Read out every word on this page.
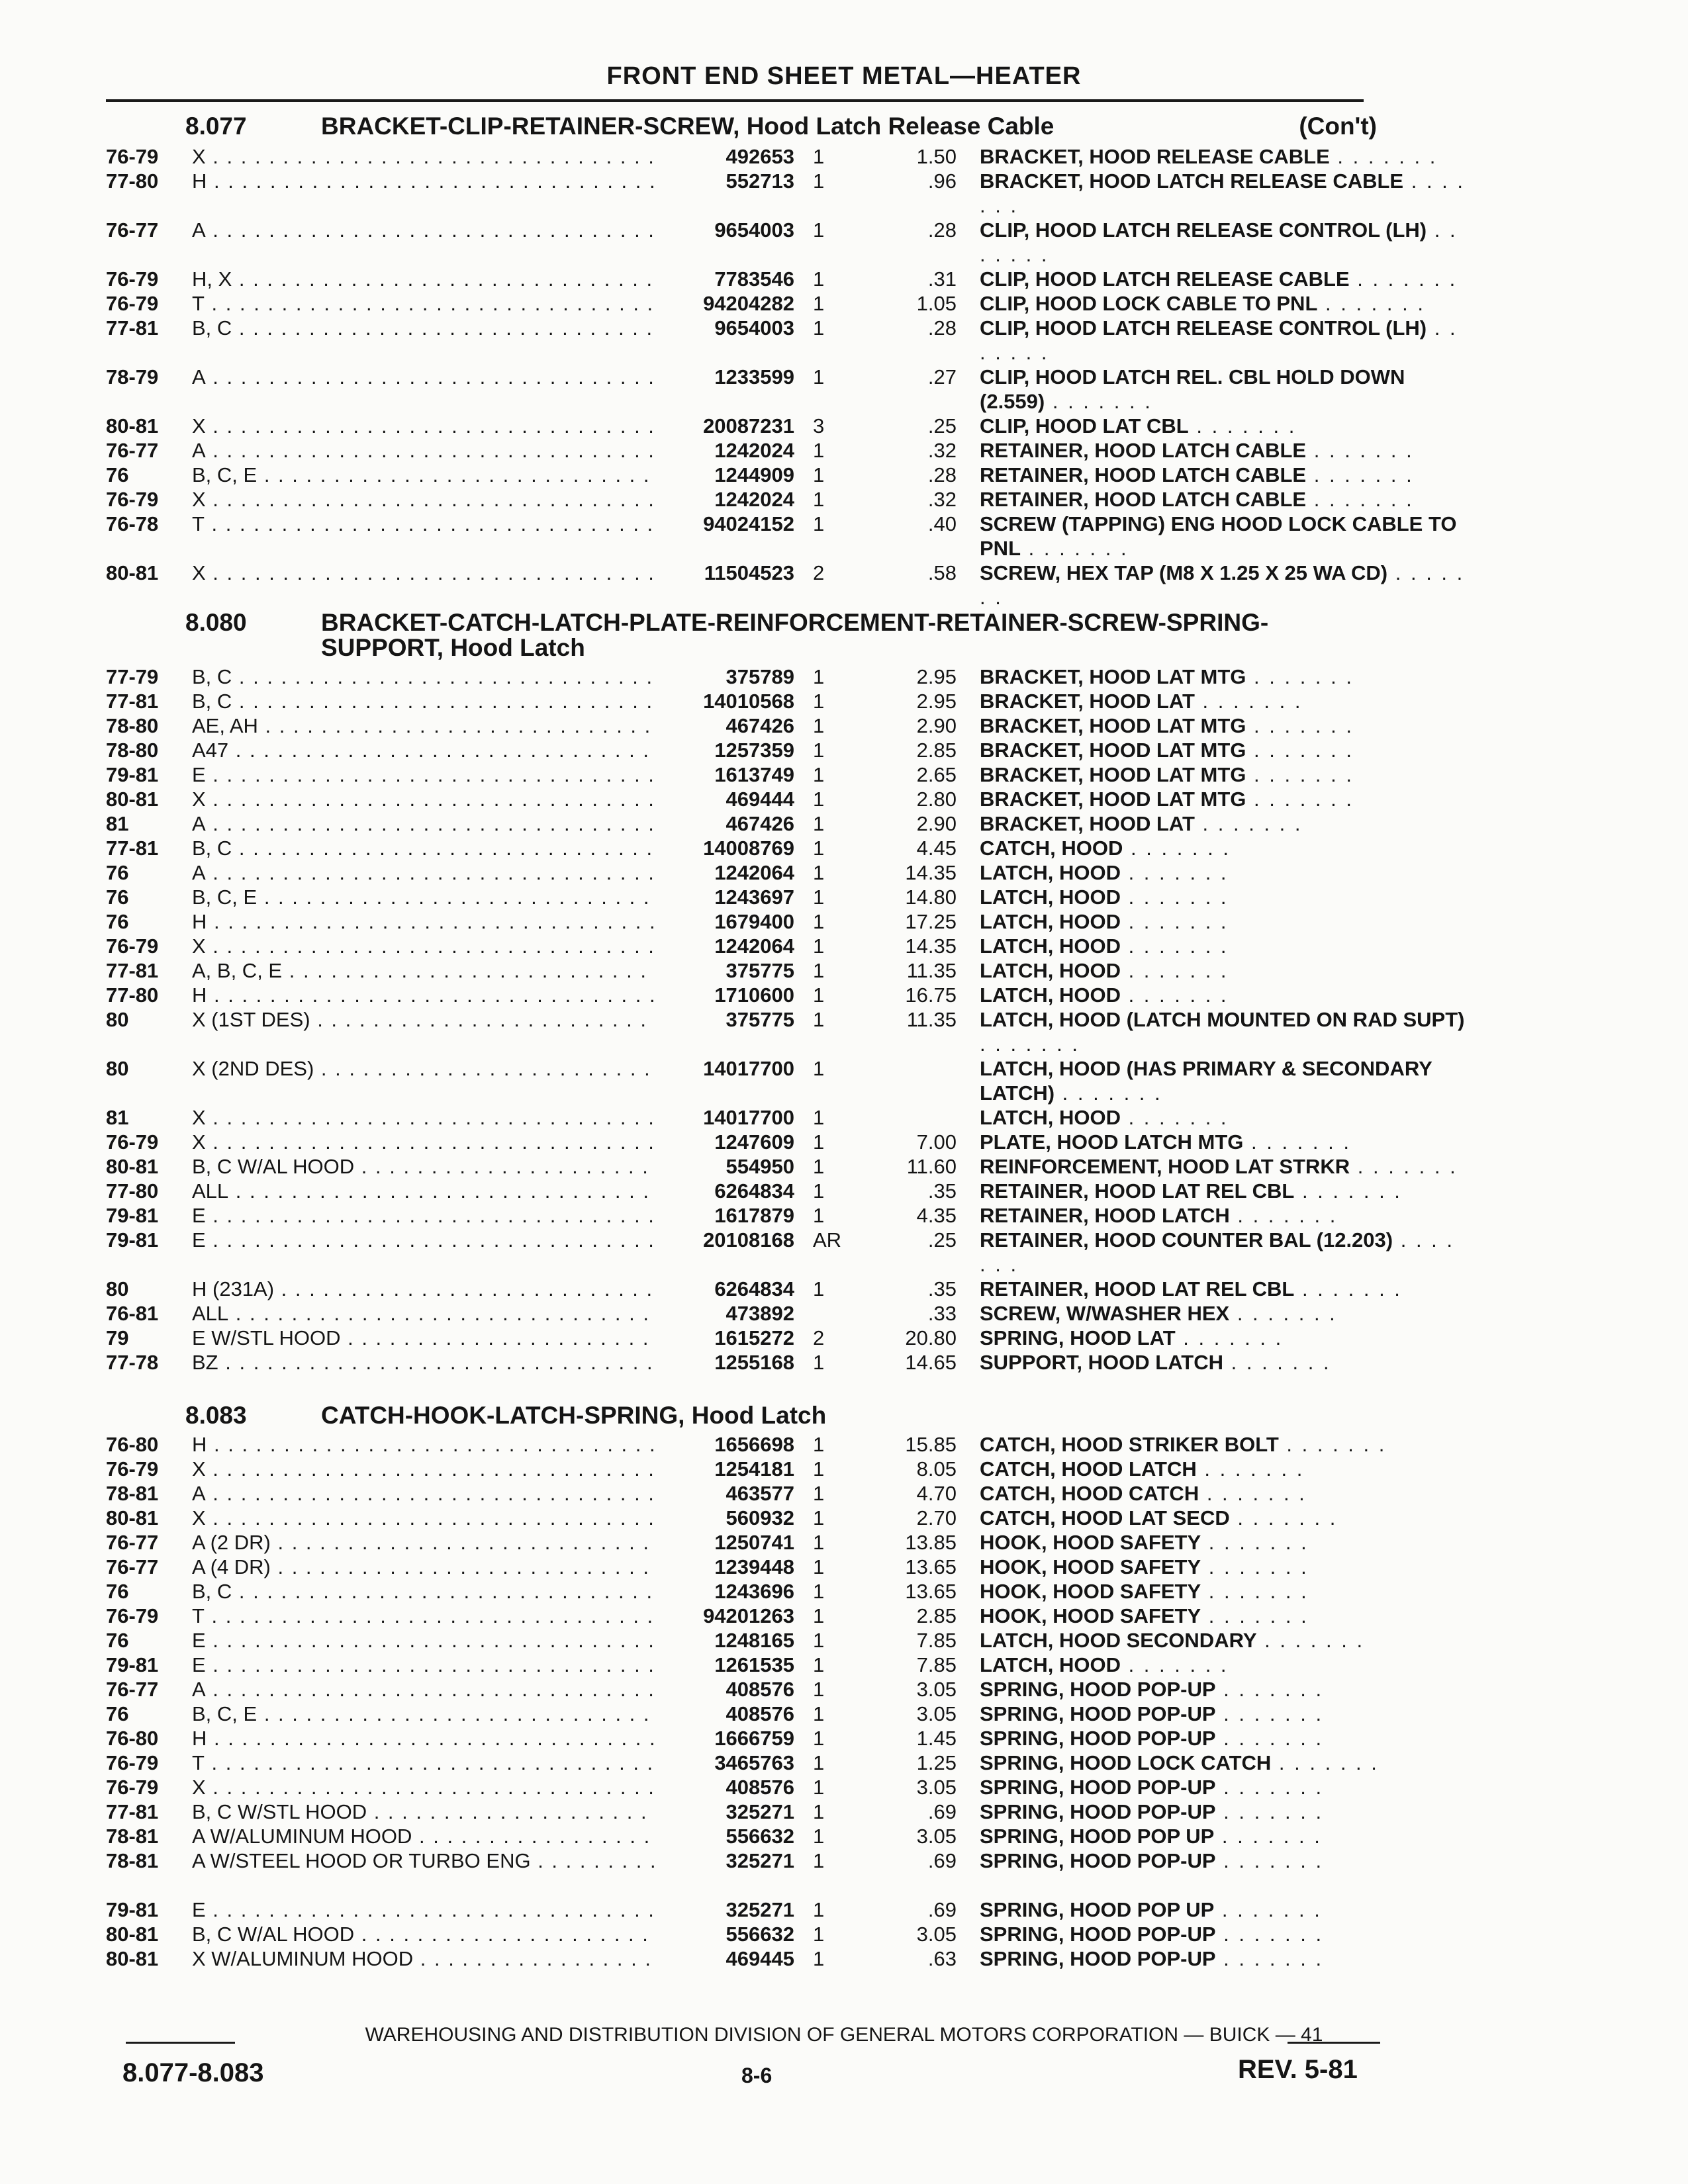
FRONT END SHEET METAL—HEATER
8.077	BRACKET-CLIP-RETAINER-SCREW, Hood Latch Release Cable	(Con't)
76-79	X . . .	492653 1	1.50 BRACKET, HOOD RELEASE CABLE . . . . . . .
77-80	H . . .	552713 1	.96 BRACKET, HOOD LATCH RELEASE CABLE . . . . . . .
76-77	A . . .	9654003 1	.28 CLIP, HOOD LATCH RELEASE CONTROL (LH) . . . . . . .
76-79	H, X . . .	7783546 1	.31 CLIP, HOOD LATCH RELEASE CABLE . . . . . . .
76-79	T . . .	94204282 1	1.05 CLIP, HOOD LOCK CABLE TO PNL . . . . . . .
77-81	B, C . . .	9654003 1	.28 CLIP, HOOD LATCH RELEASE CONTROL (LH) . . . . . . .
78-79	A . . .	1233599 1	.27 CLIP, HOOD LATCH REL. CBL HOLD DOWN (2.559) . . . . . . .
80-81	X . . .	20087231 3	.25 CLIP, HOOD LAT CBL . . . . . . .
76-77	A . . .	1242024 1	.32 RETAINER, HOOD LATCH CABLE . . . . . . .
76	B, C, E . . .	1244909 1	.28 RETAINER, HOOD LATCH CABLE . . . . . . .
76-79	X . . .	1242024 1	.32 RETAINER, HOOD LATCH CABLE . . . . . . .
76-78	T . . .	94024152 1	.40 SCREW (TAPPING) ENG HOOD LOCK CABLE TO PNL . . . . . . .
80-81	X . . .	11504523 2	.58 SCREW, HEX TAP (M8 X 1.25 X 25 WA CD) . . . . . . .
8.080	BRACKET-CATCH-LATCH-PLATE-REINFORCEMENT-RETAINER-SCREW-SPRING-SUPPORT, Hood Latch
77-79	B, C . . .	375789 1	2.95 BRACKET, HOOD LAT MTG . . . . . . .
77-81	B, C . . .	14010568 1	2.95 BRACKET, HOOD LAT . . . . . . .
78-80	AE, AH . . .	467426 1	2.90 BRACKET, HOOD LAT MTG . . . . . . .
78-80	A47 . . .	1257359 1	2.85 BRACKET, HOOD LAT MTG . . . . . . .
79-81	E . . .	1613749 1	2.65 BRACKET, HOOD LAT MTG . . . . . . .
80-81	X . . .	469444 1	2.80 BRACKET, HOOD LAT MTG . . . . . . .
81	A . . .	467426 1	2.90 BRACKET, HOOD LAT . . . . . . .
77-81	B, C . . .	14008769 1	4.45 CATCH, HOOD . . . . . . .
76	A . . .	1242064 1	14.35 LATCH, HOOD . . . . . . .
76	B, C, E . . .	1243697 1	14.80 LATCH, HOOD . . . . . . .
76	H . . .	1679400 1	17.25 LATCH, HOOD . . . . . . .
76-79	X . . .	1242064 1	14.35 LATCH, HOOD . . . . . . .
77-81	A, B, C, E . . .	375775 1	11.35 LATCH, HOOD . . . . . . .
77-80	H . . .	1710600 1	16.75 LATCH, HOOD . . . . . . .
80	X (1ST DES) . . .	375775 1	11.35 LATCH, HOOD (LATCH MOUNTED ON RAD SUPT) . . . . . . .
80	X (2ND DES) . . .	14017700 1	LATCH, HOOD (HAS PRIMARY & SECONDARY LATCH) . . . . . . .
81	X . . .	14017700 1	LATCH, HOOD . . . . . . .
76-79	X . . .	1247609 1	7.00 PLATE, HOOD LATCH MTG . . . . . . .
80-81	B, C W/AL HOOD . . .	554950 1	11.60 REINFORCEMENT, HOOD LAT STRKR . . . . . . .
77-80	ALL . . .	6264834 1	.35 RETAINER, HOOD LAT REL CBL . . . . . . .
79-81	E . . .	1617879 1	4.35 RETAINER, HOOD LATCH . . . . . . .
79-81	E . . .	20108168 AR	.25 RETAINER, HOOD COUNTER BAL (12.203) . . . . . . .
80	H (231A) . . .	6264834 1	.35 RETAINER, HOOD LAT REL CBL . . . . . . .
76-81	ALL . . .	473892	.33 SCREW, W/WASHER HEX . . . . . . .
79	E W/STL HOOD . . .	1615272 2	20.80 SPRING, HOOD LAT . . . . . . .
77-78	BZ . . .	1255168 1	14.65 SUPPORT, HOOD LATCH . . . . . . .
8.083	CATCH-HOOK-LATCH-SPRING, Hood Latch
76-80	H . . .	1656698 1	15.85 CATCH, HOOD STRIKER BOLT . . . . . . .
76-79	X . . .	1254181 1	8.05 CATCH, HOOD LATCH . . . . . . .
78-81	A . . .	463577 1	4.70 CATCH, HOOD CATCH . . . . . . .
80-81	X . . .	560932 1	2.70 CATCH, HOOD LAT SECD . . . . . . .
76-77	A (2 DR) . . .	1250741 1	13.85 HOOK, HOOD SAFETY . . . . . . .
76-77	A (4 DR) . . .	1239448 1	13.65 HOOK, HOOD SAFETY . . . . . . .
76	B, C . . .	1243696 1	13.65 HOOK, HOOD SAFETY . . . . . . .
76-79	T . . .	94201263 1	2.85 HOOK, HOOD SAFETY . . . . . . .
76	E . . .	1248165 1	7.85 LATCH, HOOD SECONDARY . . . . . . .
79-81	E . . .	1261535 1	7.85 LATCH, HOOD . . . . . . .
76-77	A . . .	408576 1	3.05 SPRING, HOOD POP-UP . . . . . . .
76	B, C, E . . .	408576 1	3.05 SPRING, HOOD POP-UP . . . . . . .
76-80	H . . .	1666759 1	1.45 SPRING, HOOD POP-UP . . . . . . .
76-79	T . . .	3465763 1	1.25 SPRING, HOOD LOCK CATCH . . . . . . .
76-79	X . . .	408576 1	3.05 SPRING, HOOD POP-UP . . . . . . .
77-81	B, C W/STL HOOD . . .	325271 1	.69 SPRING, HOOD POP-UP . . . . . . .
78-81	A W/ALUMINUM HOOD . . .	556632 1	3.05 SPRING, HOOD POP UP . . . . . . .
78-81	A W/STEEL HOOD OR TURBO ENG . . .	325271 1	.69 SPRING, HOOD POP-UP . . . . . . .
79-81	E . . .	325271 1	.69 SPRING, HOOD POP UP . . . . . . .
80-81	B, C W/AL HOOD . . .	556632 1	3.05 SPRING, HOOD POP-UP . . . . . . .
80-81	X W/ALUMINUM HOOD . . .	469445 1	.63 SPRING, HOOD POP-UP . . . . . . .
WAREHOUSING AND DISTRIBUTION DIVISION OF GENERAL MOTORS CORPORATION — BUICK — 41
8.077-8.083	8-6	REV. 5-81
